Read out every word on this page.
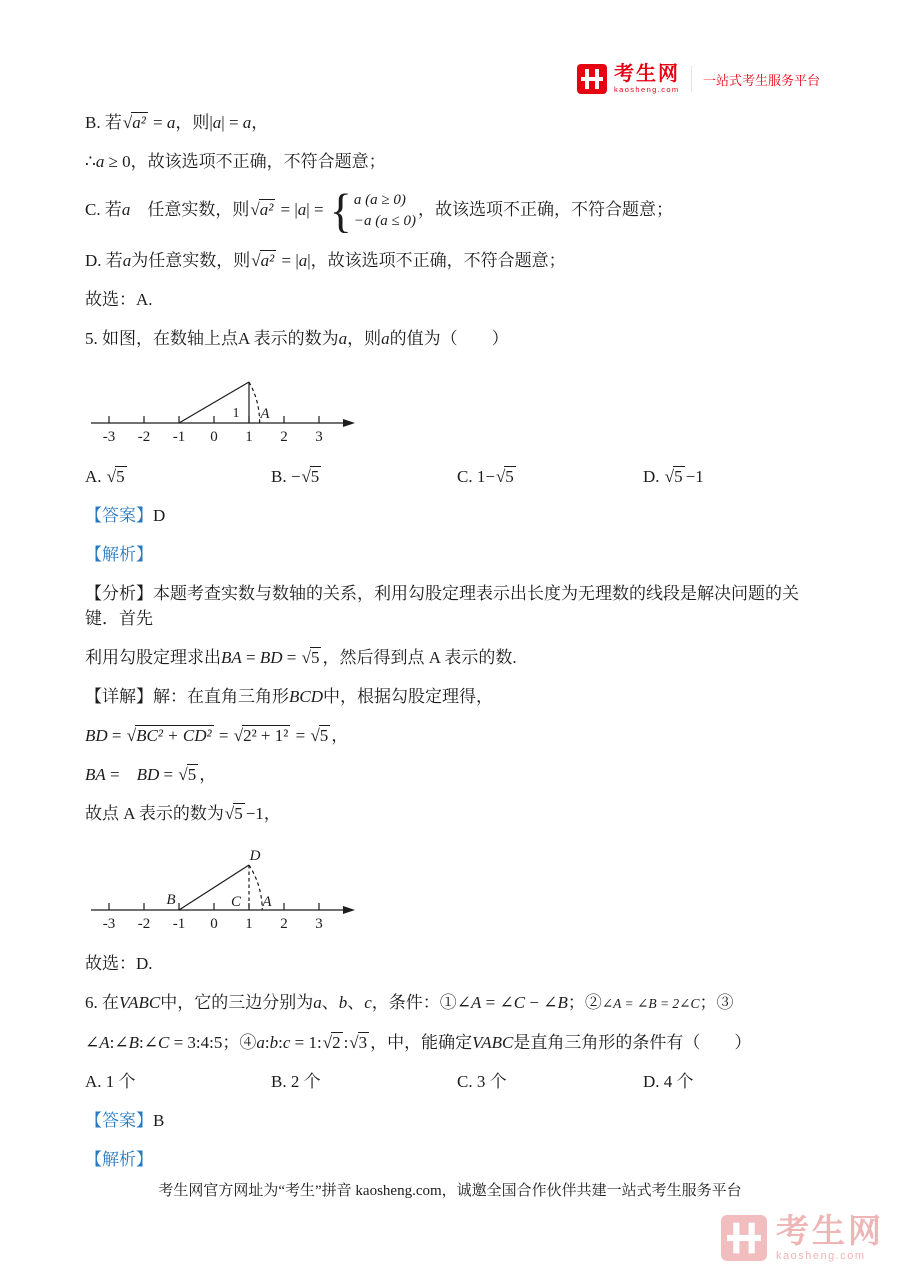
考生网
kaosheng.com
一站式考生服务平台
B. 若√a² = a，则|a| = a，
∴a ≥ 0，故该选项不正确，不符合题意；
C. 若a　任意实数，则√a² = |a| = { a (a ≥ 0)
−a (a ≤ 0)
，故该选项不正确，不符合题意；
D. 若a为任意实数，则√a² = |a|，故该选项不正确，不符合题意；
故选：A.
5. 如图，在数轴上点A 表示的数为a，则a的值为（　　）
-3 -2 -1 0 1 2 3
1 A
A. √5	B. −√5	C. 1−√5	D. √5 −1
【答案】D
【解析】
【分析】本题考查实数与数轴的关系，利用勾股定理表示出长度为无理数的线段是解决问题的关键．首先
利用勾股定理求出BA = BD = √5 ，然后得到点 A 表示的数.
【详解】解：在直角三角形BCD中，根据勾股定理得，
BD = √BC² + CD² = √2² + 1² = √5 ，
BA =　BD = √5 ，
故点 A 表示的数为√5 −1，
-3 -2 -1 0 1 2 3
B	C A
D
故选：D.
6. 在VABC中，它的三边分别为a、b、c，条件：①∠A = ∠C − ∠B；②∠A = ∠B = 2∠C；③
∠A:∠B:∠C = 3:4:5；④a:b:c = 1:√2 :√3 ，中，能确定VABC是直角三角形的条件有（　　）
A. 1 个	B. 2 个	C. 3 个	D. 4 个
【答案】B
【解析】
考生网官方网址为“考生”拼音 kaosheng.com，诚邀全国合作伙伴共建一站式考生服务平台
考生网
kaosheng.com
